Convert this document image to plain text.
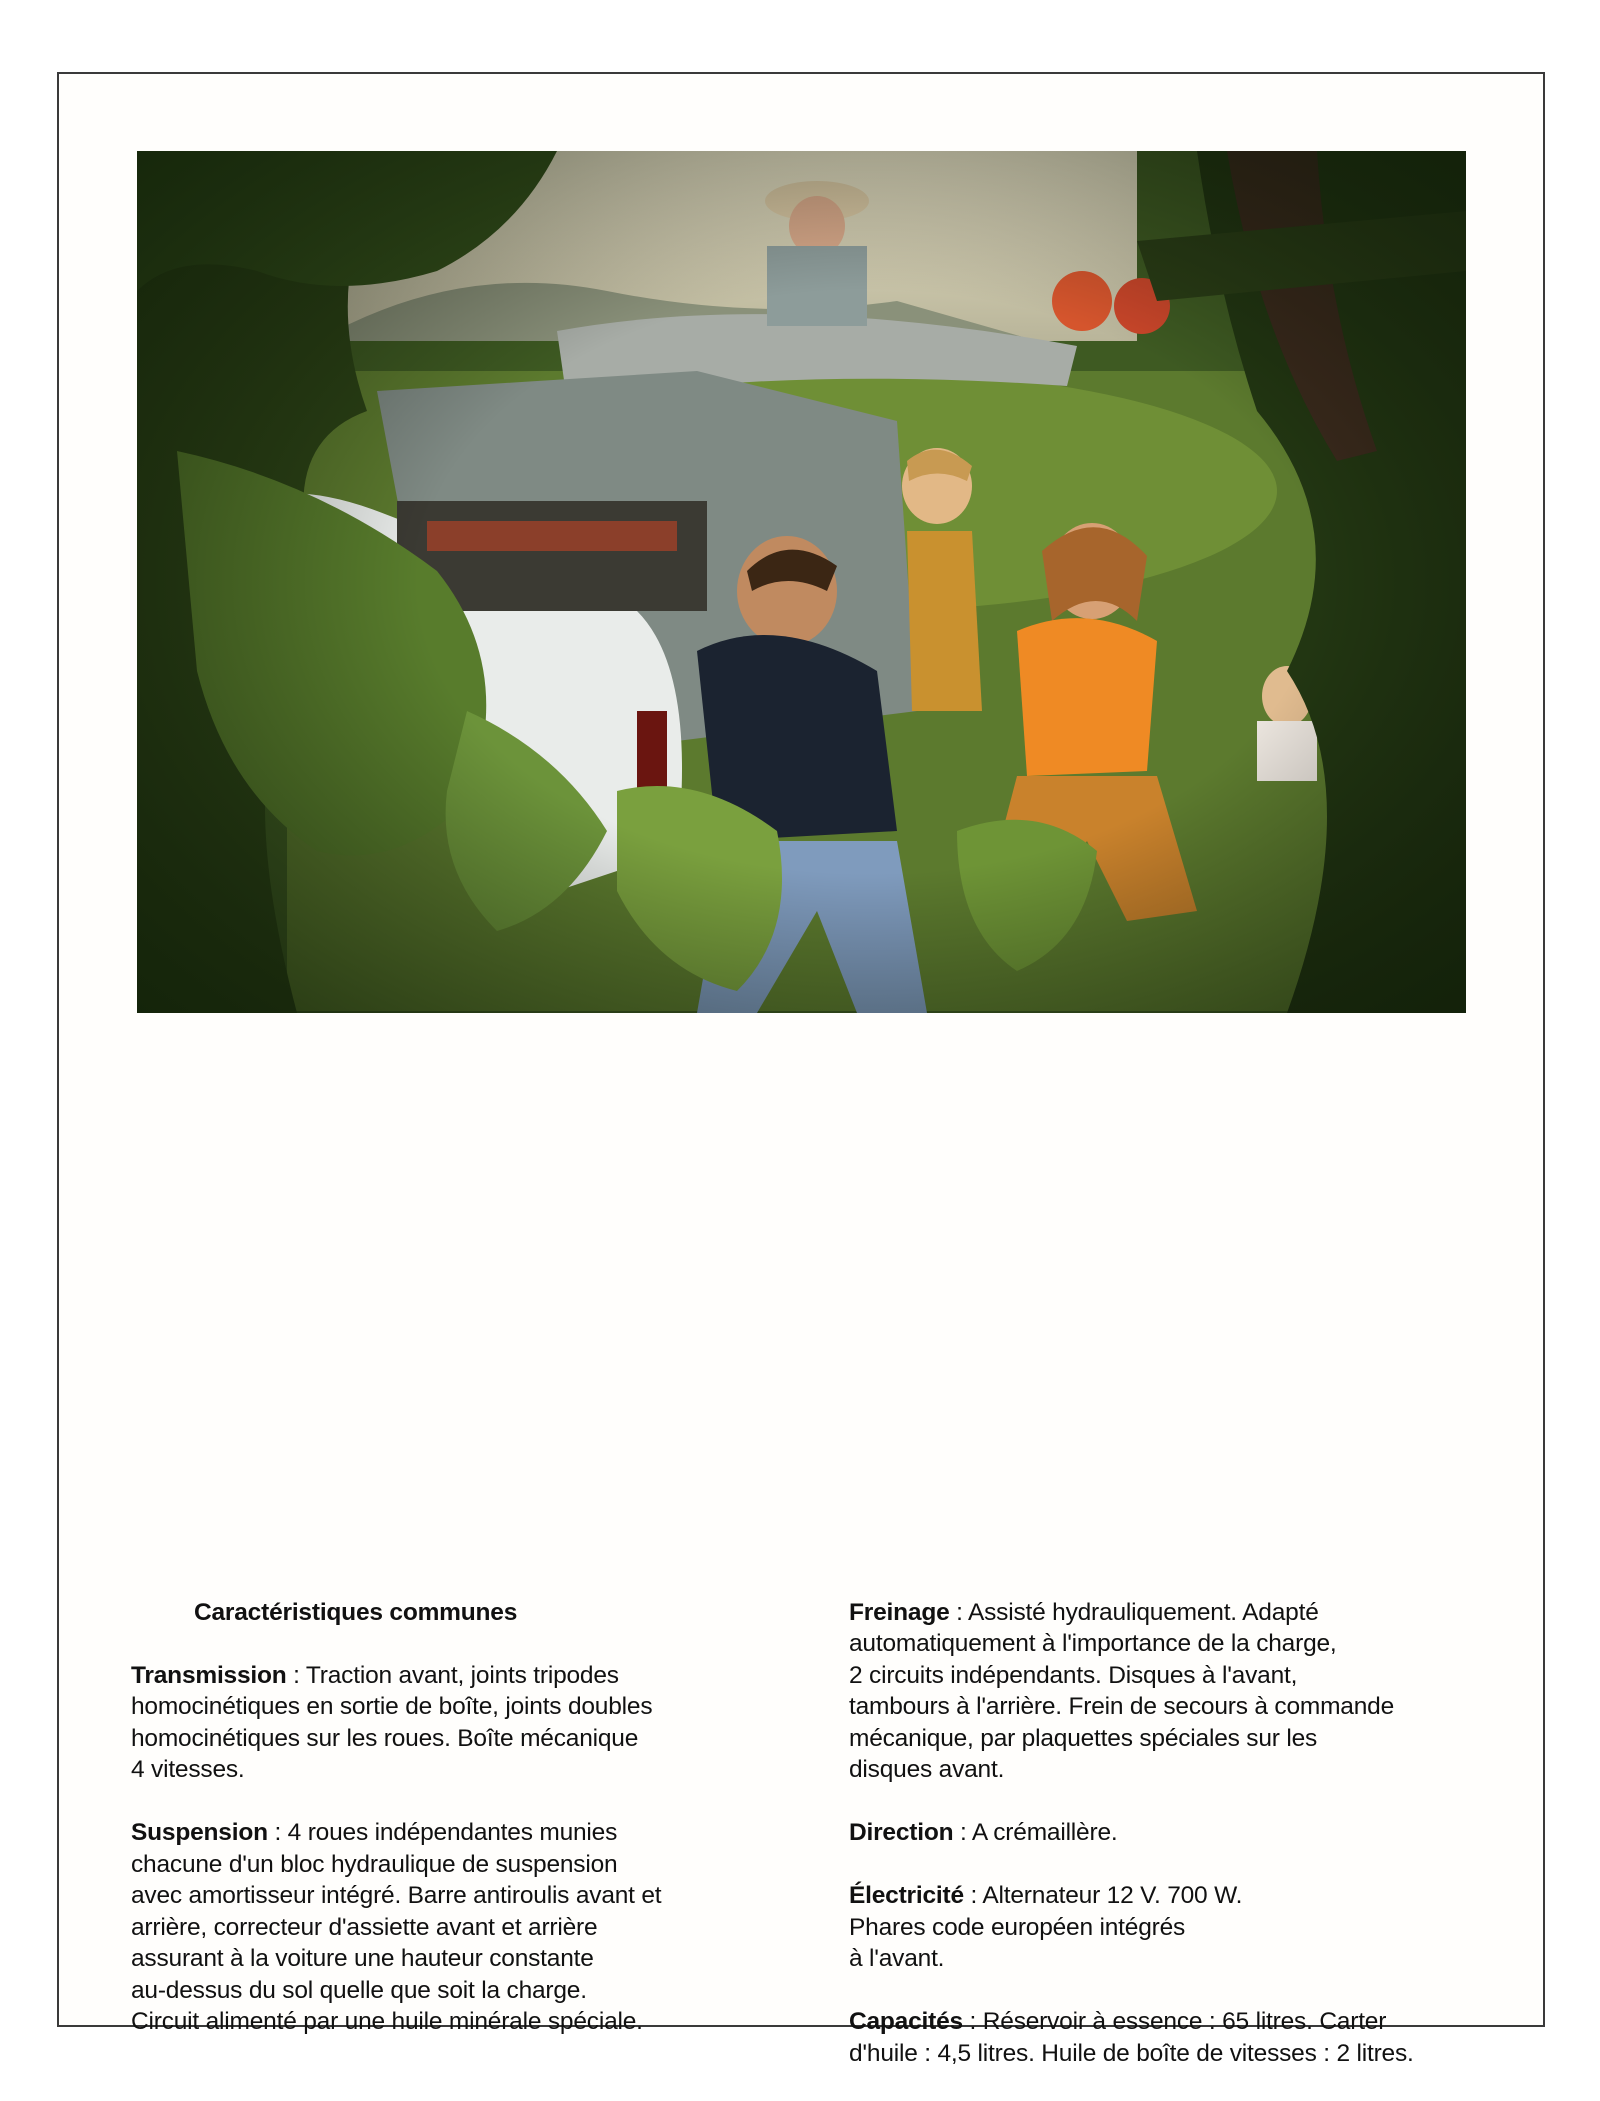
Caractéristiques communes

Transmission : Traction avant, joints tripodes
homocinétiques en sortie de boîte, joints doubles
homocinétiques sur les roues. Boîte mécanique
4 vitesses.

Suspension : 4 roues indépendantes munies
chacune d'un bloc hydraulique de suspension
avec amortisseur intégré. Barre antiroulis avant et
arrière, correcteur d'assiette avant et arrière
assurant à la voiture une hauteur constante
au-dessus du sol quelle que soit la charge.
Circuit alimenté par une huile minérale spéciale.

Freinage : Assisté hydrauliquement. Adapté
automatiquement à l'importance de la charge,
2 circuits indépendants. Disques à l'avant,
tambours à l'arrière. Frein de secours à commande
mécanique, par plaquettes spéciales sur les
disques avant.

Direction : A crémaillère.

Électricité : Alternateur 12 V. 700 W.
Phares code européen intégrés
à l'avant.

Capacités : Réservoir à essence : 65 litres. Carter
d'huile : 4,5 litres. Huile de boîte de vitesses : 2 litres.
